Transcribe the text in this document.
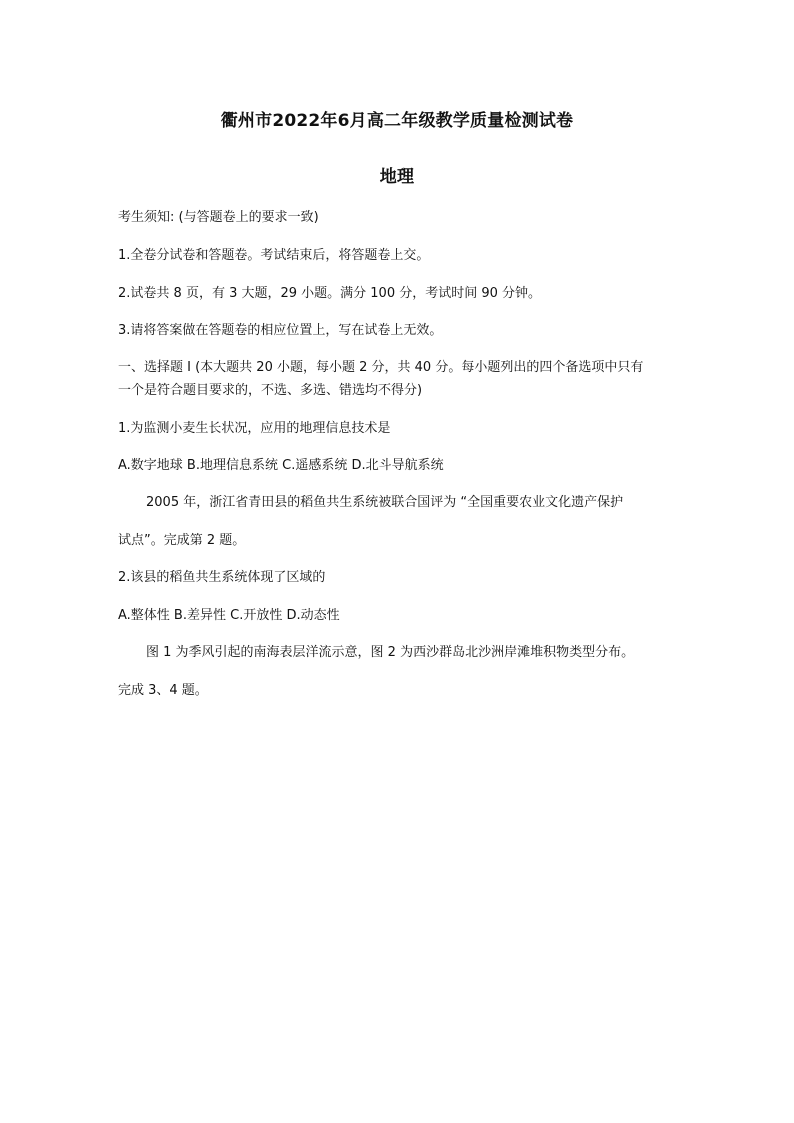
衢州市2022年6月高二年级教学质量检测试卷
地理
考生须知: (与答题卷上的要求一致)
1.全卷分试卷和答题卷。考试结束后，将答题卷上交。
2.试卷共 8 页，有 3 大题，29 小题。满分 100 分，考试时间 90 分钟。
3.请将答案做在答题卷的相应位置上，写在试卷上无效。
一、选择题 I (本大题共 20 小题，每小题 2 分，共 40 分。每小题列出的四个备选项中只有
一个是符合题目要求的，不选、多选、错选均不得分)
1.为监测小麦生长状况，应用的地理信息技术是
A.数字地球 B.地理信息系统 C.遥感系统 D.北斗导航系统
2005 年，浙江省青田县的稻鱼共生系统被联合国评为 “全国重要农业文化遗产保护
试点”。完成第 2 题。
2.该县的稻鱼共生系统体现了区域的
A.整体性 B.差异性 C.开放性 D.动态性
图 1 为季风引起的南海表层洋流示意，图 2 为西沙群岛北沙洲岸滩堆积物类型分布。
完成 3、4 题。
